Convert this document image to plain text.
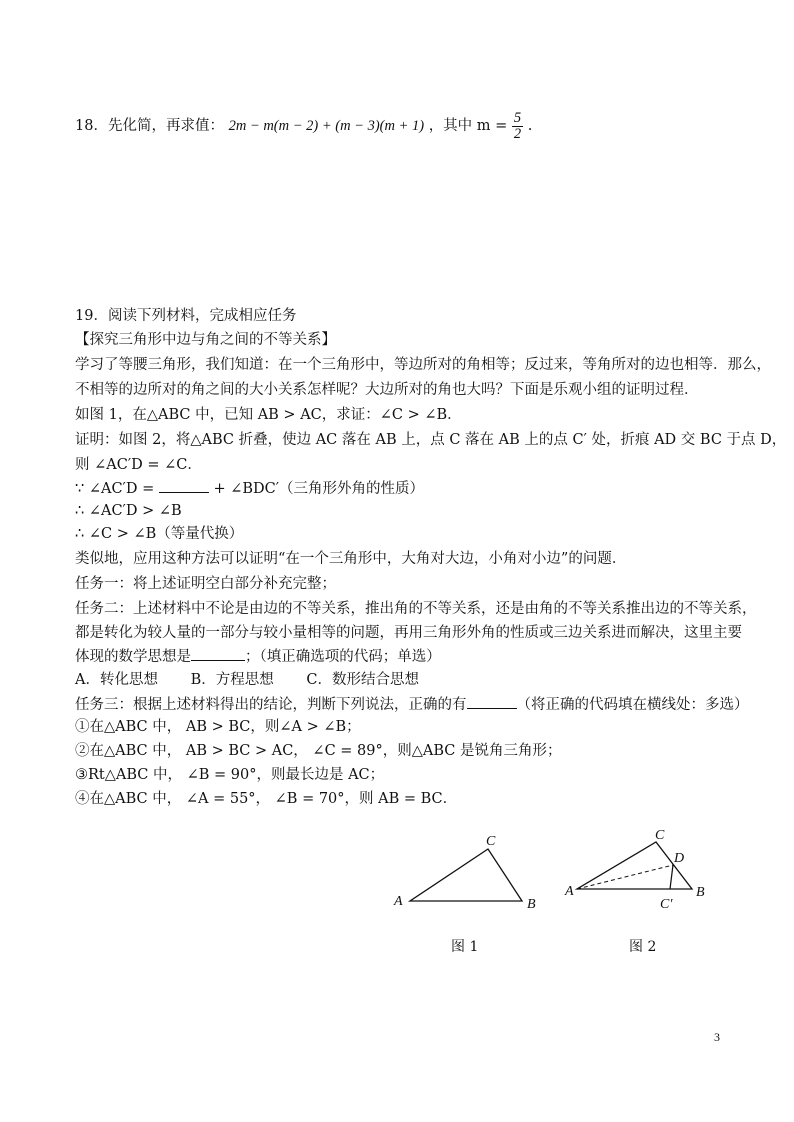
18．先化简，再求值： 2m − m(m − 2) + (m − 3)(m + 1) ，其中 $m = \frac{5}{2}$ .
19．阅读下列材料，完成相应任务
【探究三角形中边与角之间的不等关系】
学习了等腰三角形，我们知道：在一个三角形中，等边所对的角相等；反过来，等角所对的边也相等．那么，
不相等的边所对的角之间的大小关系怎样呢？大边所对的角也大吗？下面是乐观小组的证明过程．
如图 1，在△ABC 中，已知 AB > AC，求证：∠C > ∠B．
证明：如图 2，将△ABC 折叠，使边 AC 落在 AB 上，点 C 落在 AB 上的点 C′ 处，折痕 AD 交 BC 于点 D，
则 ∠AC′D = ∠C．
∵ ∠AC′D =	+ ∠BDC′（三角形外角的性质）
∴ ∠AC′D > ∠B
∴ ∠C > ∠B（等量代换）
类似地，应用这种方法可以证明“在一个三角形中，大角对大边，小角对小边”的问题．
任务一：将上述证明空白部分补充完整；
任务二：上述材料中不论是由边的不等关系，推出角的不等关系，还是由角的不等关系推出边的不等关系，
都是转化为较人量的一部分与较小量相等的问题，再用三角形外角的性质或三边关系进而解决，这里主要
体现的数学思想是	；（填正确选项的代码；单选）
A．转化思想 B．方程思想 C．数形结合思想
任务三：根据上述材料得出的结论，判断下列说法，正确的有	（将正确的代码填在横线处：多选）
①在△ABC 中， AB > BC，则∠A > ∠B；
②在△ABC 中， AB > BC > AC， ∠C = 89°，则△ABC 是锐角三角形；
③Rt△ABC 中， ∠B = 90°，则最长边是 AC；
④在△ABC 中， ∠A = 55°， ∠B = 70°，则 AB = BC．
A	B
C
图 1
A	B
C
D
C′
图 2
3
